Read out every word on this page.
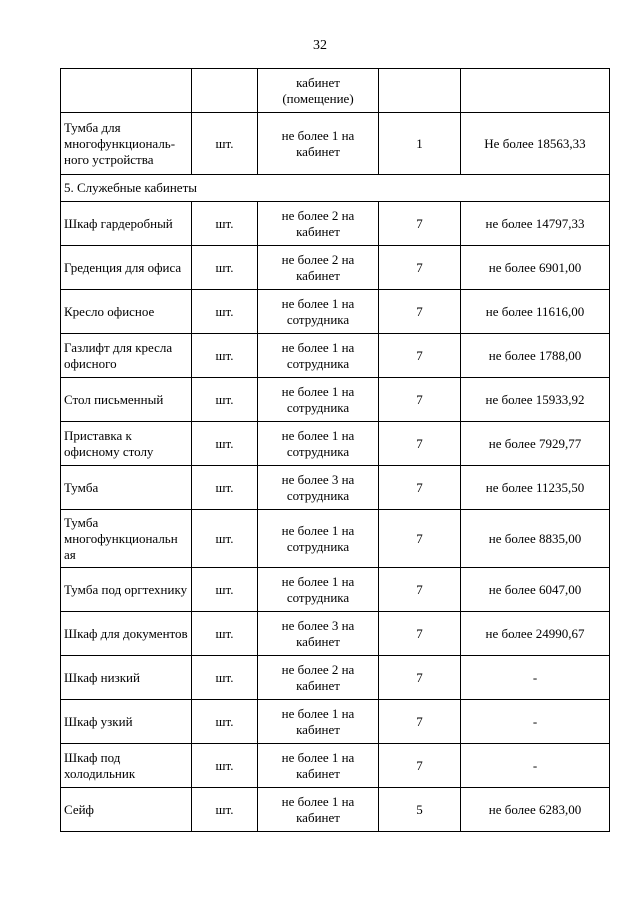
32
		кабинет (помещение)		
Тумба для многофункциональ-ного устройства	шт.	не более 1 на кабинет	1	Не более 18563,33
5. Служебные кабинеты				
Шкаф гардеробный	шт.	не более 2 на кабинет	7	не более 14797,33
Греденция для офиса	шт.	не более 2 на кабинет	7	не более 6901,00
Кресло офисное	шт.	не более 1 на сотрудника	7	не более 11616,00
Газлифт для кресла офисного	шт.	не более 1 на сотрудника	7	не более 1788,00
Стол письменный	шт.	не более 1 на сотрудника	7	не более 15933,92
Приставка к офисному столу	шт.	не более 1 на сотрудника	7	не более 7929,77
Тумба	шт.	не более 3 на сотрудника	7	не более 11235,50
Тумба многофункциональн ая	шт.	не более 1 на сотрудника	7	не более 8835,00
Тумба под оргтехнику	шт.	не более 1 на сотрудника	7	не более 6047,00
Шкаф для документов	шт.	не более 3 на кабинет	7	не более 24990,67
Шкаф низкий	шт.	не более 2 на кабинет	7	-
Шкаф узкий	шт.	не более 1 на кабинет	7	-
Шкаф под холодильник	шт.	не более 1 на кабинет	7	-
Сейф	шт.	не более 1 на кабинет	5	не более 6283,00
